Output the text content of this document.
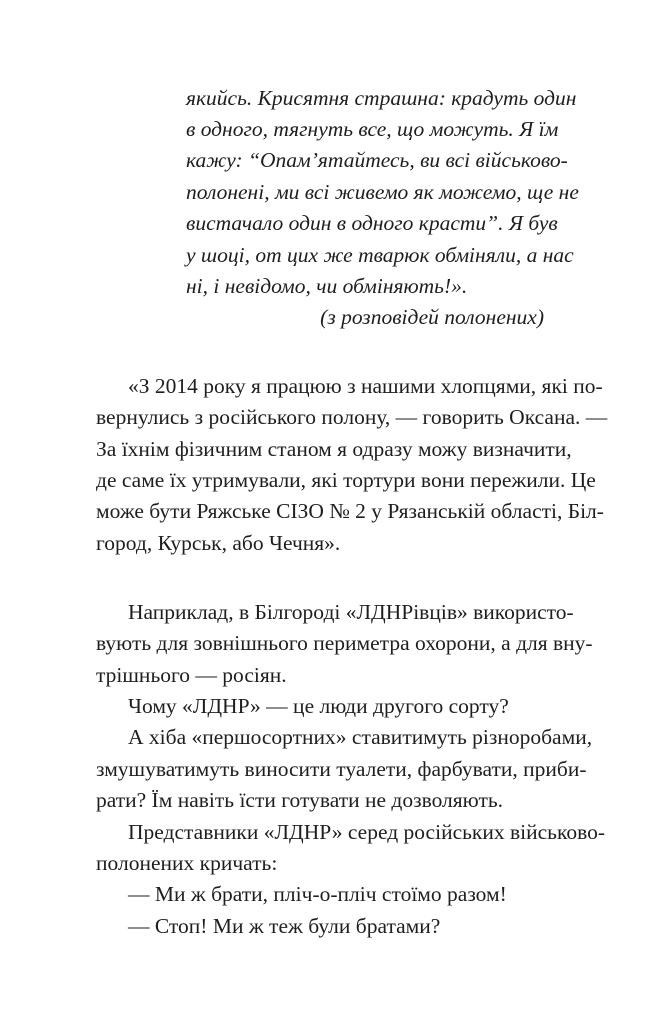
якийсь. Крисятня страшна: крадуть один
в одного, тягнуть все, що можуть. Я їм
кажу: “Опам’ятайтесь, ви всі військово-
полонені, ми всі живемо як можемо, ще не
вистачало один в одного красти”. Я був
у шоці, от цих же тварюк обміняли, а нас
ні, і невідомо, чи обміняють!».
(з розповідей полонених)
«З 2014 року я працюю з нашими хлопцями, які по-
вернулись з російського полону, — говорить Оксана. —
За їхнім фізичним станом я одразу можу визначити,
де саме їх утримували, які тортури вони пережили. Це
може бути Ряжське СІЗО № 2 у Рязанській області, Біл-
город, Курськ, або Чечня».
Наприклад, в Білгороді «ЛДНРівців» використо-
вують для зовнішнього периметра охорони, а для вну-
трішнього — росіян.
Чому «ЛДНР» — це люди другого сорту?
А хіба «першосортних» ставитимуть різноробами,
змушуватимуть виносити туалети, фарбувати, приби-
рати? Їм навіть їсти готувати не дозволяють.
Представники «ЛДНР» серед російських військово-
полонених кричать:
— Ми ж брати, пліч-о-пліч стоїмо разом!
— Стоп! Ми ж теж були братами?
